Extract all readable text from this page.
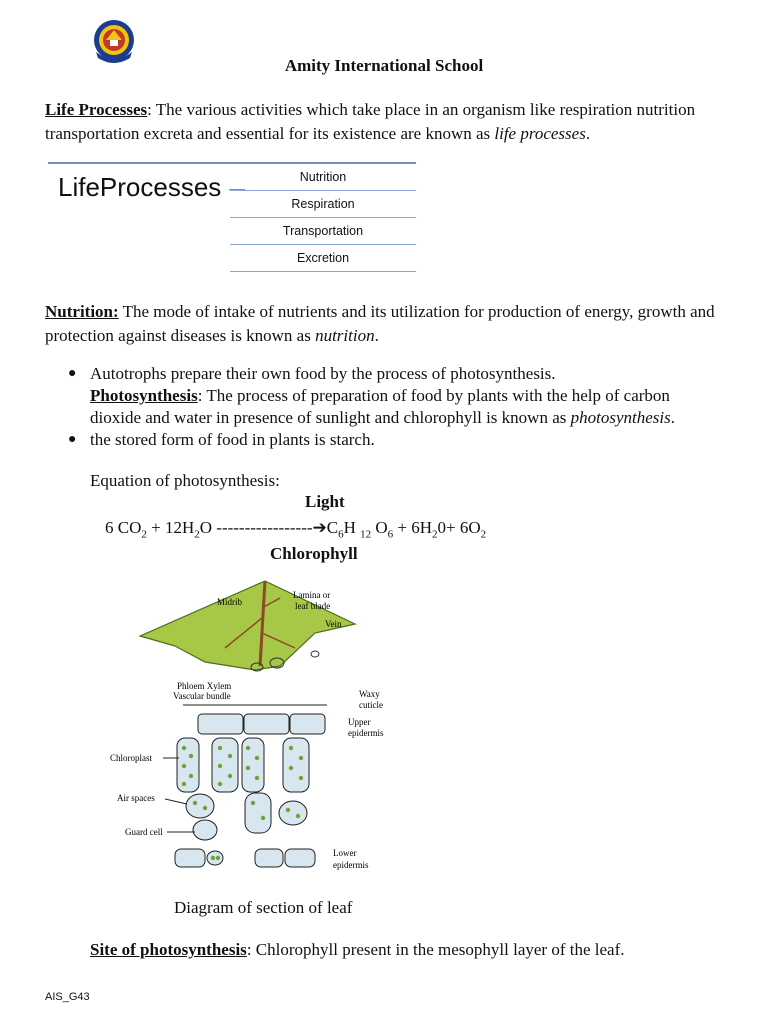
Amity International School
Life Processes: The various activities which take place in an organism like respiration nutrition transportation excreta and essential for its existence are known as life processes.
LifeProcesses	Nutrition
Respiration
Transportation
Excretion
Nutrition: The mode of intake of nutrients and its utilization for production of energy, growth and protection against diseases is known as nutrition.
● Autotrophs prepare their own food by the process of photosynthesis.
Photosynthesis: The process of preparation of food by plants with the help of carbon dioxide and water in presence of sunlight and chlorophyll is known as photosynthesis.
● the stored form of food in plants is starch.
Equation of photosynthesis:
Light
6 $CO_2 + 12H_2O$ $-----------------➔C_6H$ $_{12}$ $O_6 + 6H_20+ 6O_2$
Chlorophyll
Midrib
Lamina or
leaf blade
Vein
Phloem Xylem
Vascular bundle	Waxy
cuticle
Upper
epidermis
Chloroplast
Air spaces
Guard cell
Lower
epidermis
Diagram of section of leaf
Site of photosynthesis: Chlorophyll present in the mesophyll layer of the leaf.
AIS_G43
